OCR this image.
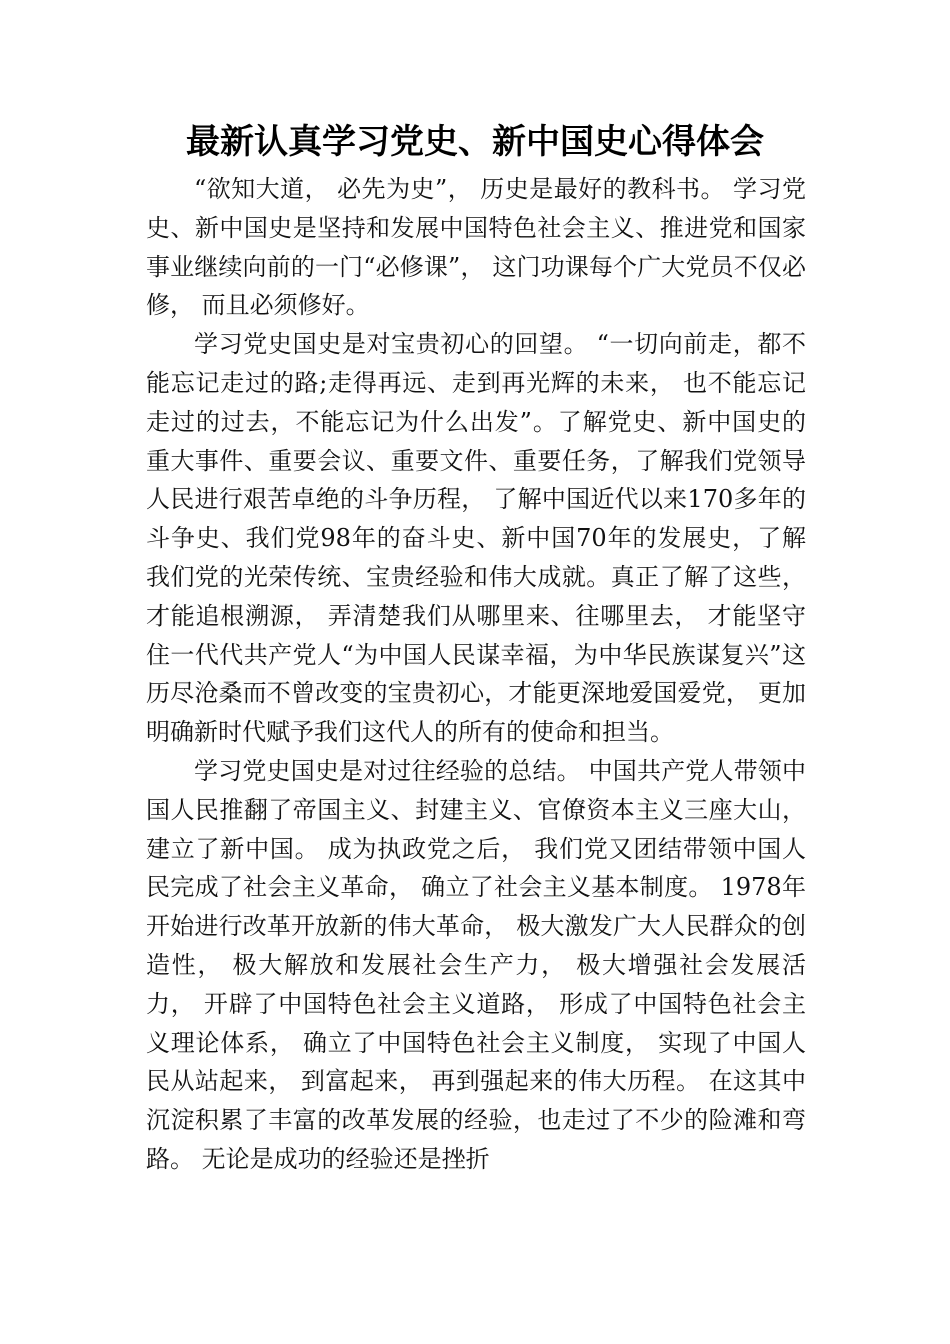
最新认真学习党史、新中国史心得体会

“欲知大道， 必先为史”， 历史是最好的教科书。 学习党史、新中国史是坚持和发展中国特色社会主义、推进党和国家事业继续向前的一门“必修课”， 这门功课每个广大党员不仅必修， 而且必须修好。

学习党史国史是对宝贵初心的回望。 “一切向前走，都不能忘记走过的路;走得再远、走到再光辉的未来， 也不能忘记走过的过去，不能忘记为什么出发”。了解党史、新中国史的重大事件、重要会议、重要文件、重要任务，了解我们党领导人民进行艰苦卓绝的斗争历程， 了解中国近代以来170多年的斗争史、我们党98年的奋斗史、新中国70年的发展史，了解我们党的光荣传统、宝贵经验和伟大成就。真正了解了这些， 才能追根溯源， 弄清楚我们从哪里来、往哪里去， 才能坚守住一代代共产党人“为中国人民谋幸福，为中华民族谋复兴”这历尽沧桑而不曾改变的宝贵初心，才能更深地爱国爱党， 更加明确新时代赋予我们这代人的所有的使命和担当。

学习党史国史是对过往经验的总结。 中国共产党人带领中国人民推翻了帝国主义、封建主义、官僚资本主义三座大山， 建立了新中国。 成为执政党之后， 我们党又团结带领中国人民完成了社会主义革命， 确立了社会主义基本制度。 1978年开始进行改革开放新的伟大革命， 极大激发广大人民群众的创造性， 极大解放和发展社会生产力， 极大增强社会发展活力， 开辟了中国特色社会主义道路， 形成了中国特色社会主义理论体系， 确立了中国特色社会主义制度， 实现了中国人民从站起来， 到富起来， 再到强起来的伟大历程。 在这其中沉淀积累了丰富的改革发展的经验，也走过了不少的险滩和弯路。 无论是成功的经验还是挫折
